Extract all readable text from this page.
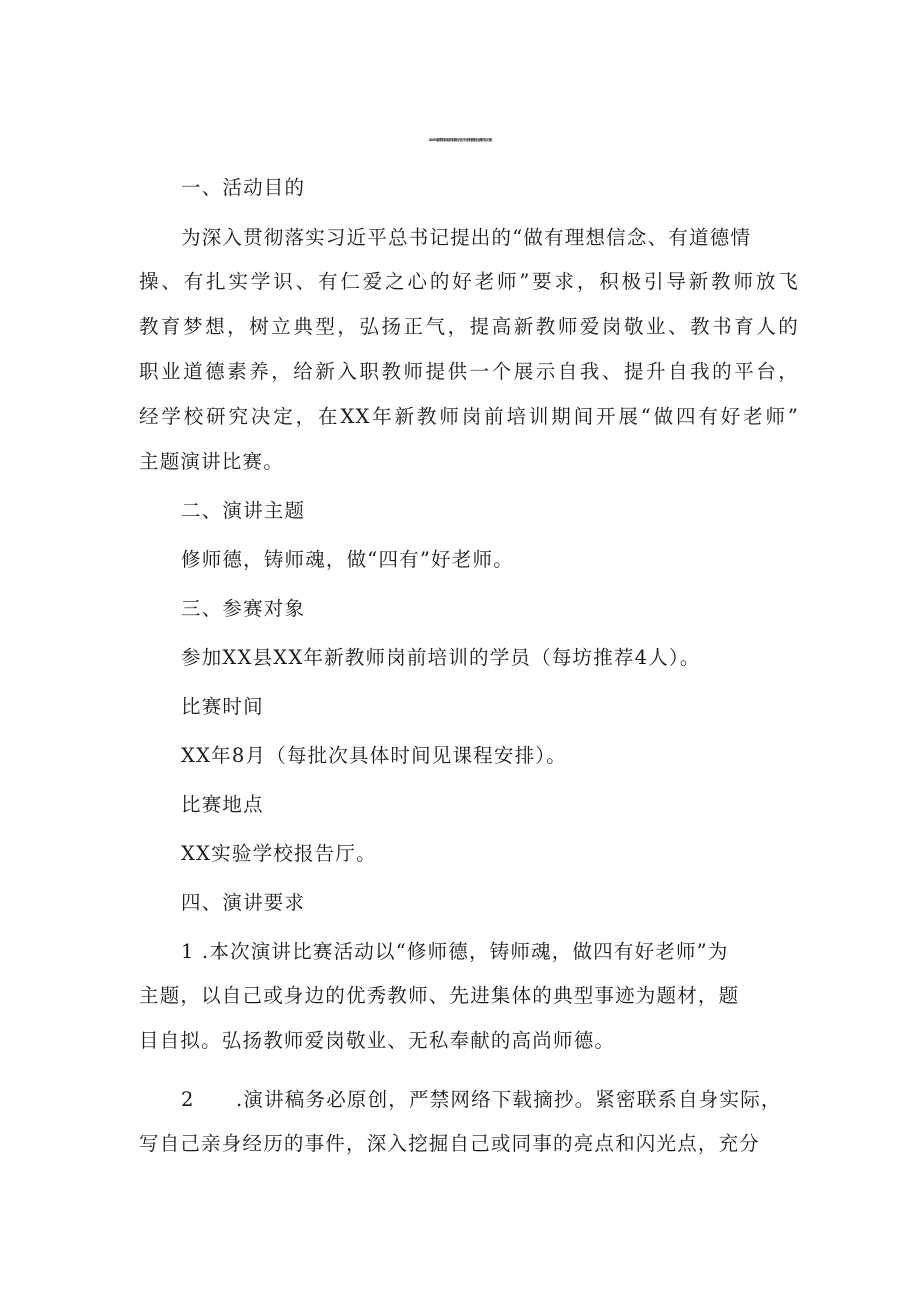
2023年新教师岗前培训做“四有”好老师演讲比赛活动方案
一、活动目的
为深入贯彻落实习近平总书记提出的“做有理想信念、有道德情
操、有扎实学识、有仁爱之心的好老师”要求，积极引导新教师放飞
教育梦想，树立典型，弘扬正气，提高新教师爱岗敬业、教书育人的
职业道德素养，给新入职教师提供一个展示自我、提升自我的平台，
经学校研究决定，在XX年新教师岗前培训期间开展“做四有好老师”
主题演讲比赛。
二、演讲主题
修师德，铸师魂，做“四有”好老师。
三、参赛对象
参加XX县XX年新教师岗前培训的学员（每坊推荐4人）。
比赛时间
XX年8月（每批次具体时间见课程安排）。
比赛地点
XX实验学校报告厅。
四、演讲要求
1 .本次演讲比赛活动以“修师德，铸师魂，做四有好老师”为
主题，以自己或身边的优秀教师、先进集体的典型事迹为题材，题
目自拟。弘扬教师爱岗敬业、无私奉献的高尚师德。
2　　.演讲稿务必原创，严禁网络下载摘抄。紧密联系自身实际，
写自己亲身经历的事件，深入挖掘自己或同事的亮点和闪光点，充分
